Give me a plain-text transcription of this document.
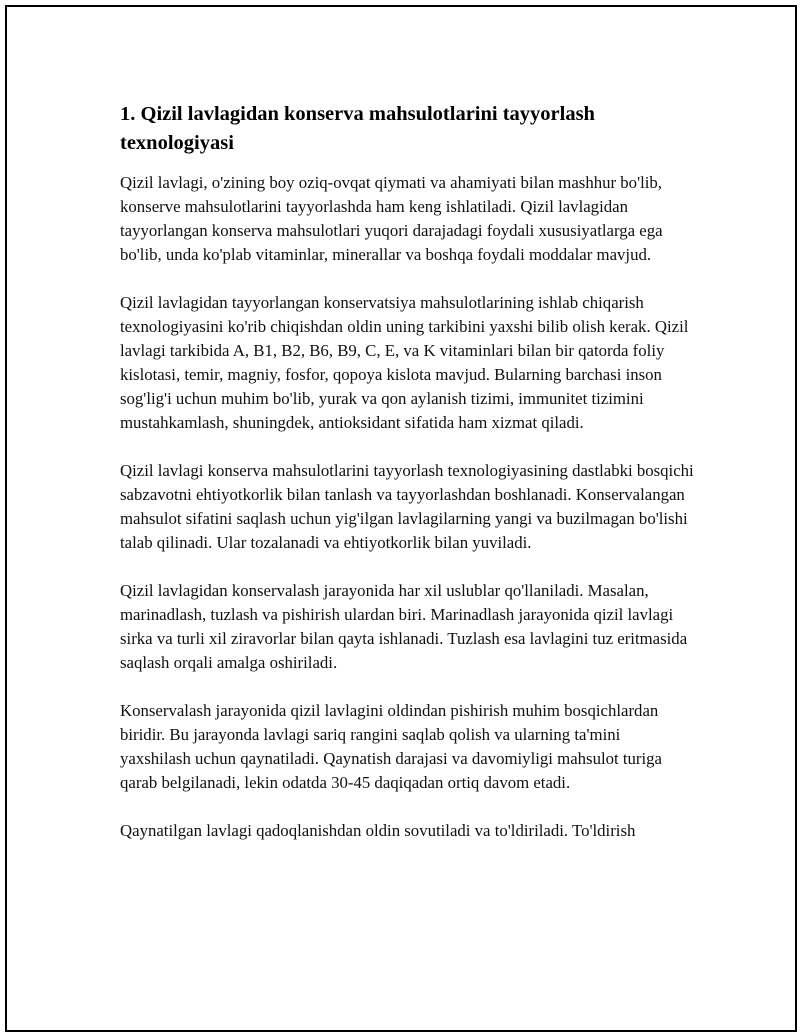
1. Qizil lavlagidan konserva mahsulotlarini tayyorlash texnologiyasi

Qizil lavlagi, o'zining boy oziq-ovqat qiymati va ahamiyati bilan mashhur bo'lib, konserve mahsulotlarini tayyorlashda ham keng ishlatiladi. Qizil lavlagidan tayyorlangan konserva mahsulotlari yuqori darajadagi foydali xususiyatlarga ega bo'lib, unda ko'plab vitaminlar, minerallar va boshqa foydali moddalar mavjud.

Qizil lavlagidan tayyorlangan konservatsiya mahsulotlarining ishlab chiqarish texnologiyasini ko'rib chiqishdan oldin uning tarkibini yaxshi bilib olish kerak. Qizil lavlagi tarkibida A, B1, B2, B6, B9, C, E, va K vitaminlari bilan bir qatorda foliy kislotasi, temir, magniy, fosfor, qopoya kislota mavjud. Bularning barchasi inson sog'lig'i uchun muhim bo'lib, yurak va qon aylanish tizimi, immunitet tizimini mustahkamlash, shuningdek, antioksidant sifatida ham xizmat qiladi.

Qizil lavlagi konserva mahsulotlarini tayyorlash texnologiyasining dastlabki bosqichi sabzavotni ehtiyotkorlik bilan tanlash va tayyorlashdan boshlanadi. Konservalangan mahsulot sifatini saqlash uchun yig'ilgan lavlagilarning yangi va buzilmagan bo'lishi talab qilinadi. Ular tozalanadi va ehtiyotkorlik bilan yuviladi.

Qizil lavlagidan konservalash jarayonida har xil uslublar qo'llaniladi. Masalan, marinadlash, tuzlash va pishirish ulardan biri. Marinadlash jarayonida qizil lavlagi sirka va turli xil ziravorlar bilan qayta ishlanadi. Tuzlash esa lavlagini tuz eritmasida saqlash orqali amalga oshiriladi.

Konservalash jarayonida qizil lavlagini oldindan pishirish muhim bosqichlardan biridir. Bu jarayonda lavlagi sariq rangini saqlab qolish va ularning ta'mini yaxshilash uchun qaynatiladi. Qaynatish darajasi va davomiyligi mahsulot turiga qarab belgilanadi, lekin odatda 30-45 daqiqadan ortiq davom etadi.

Qaynatilgan lavlagi qadoqlanishdan oldin sovutiladi va to'ldiriladi. To'ldirish
